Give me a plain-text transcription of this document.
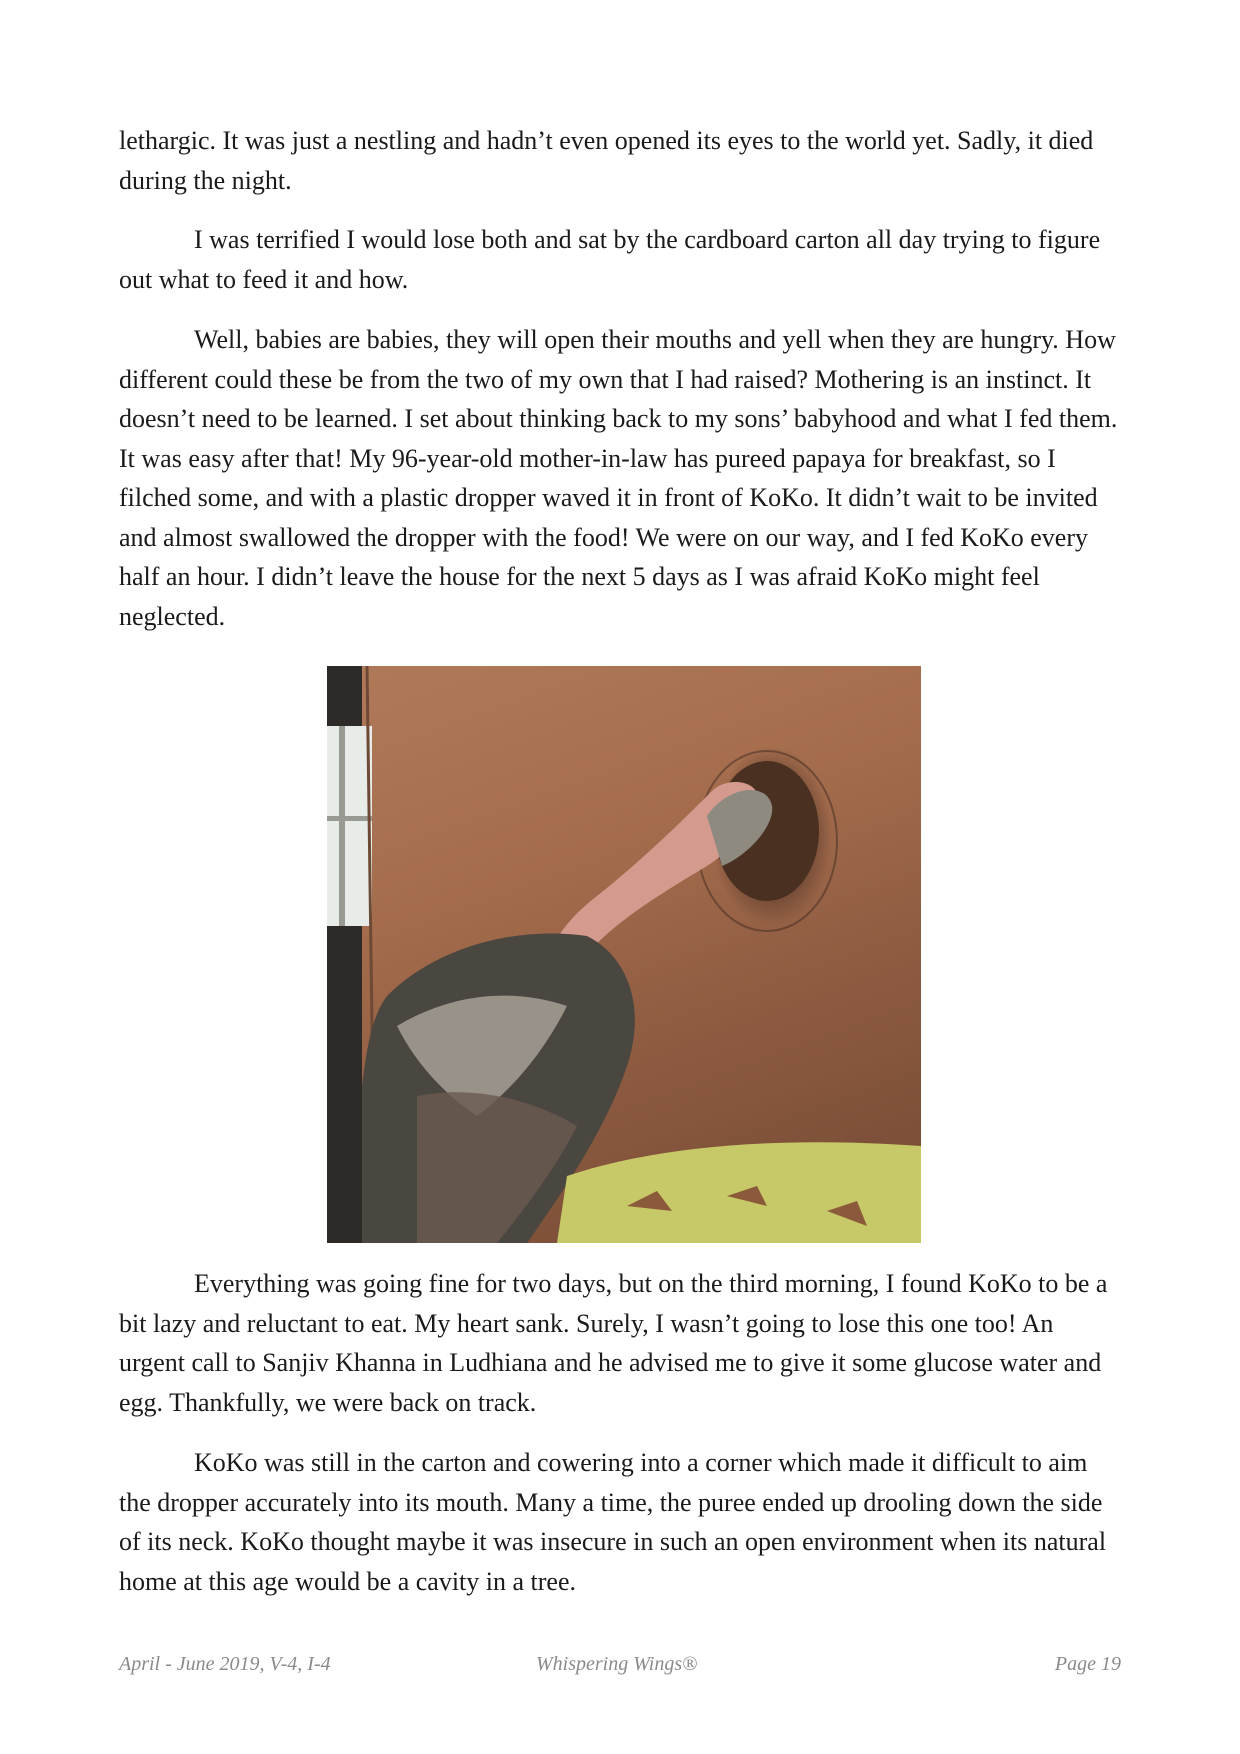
lethargic. It was just a nestling and hadn’t even opened its eyes to the world yet. Sadly, it died during the night.

I was terrified I would lose both and sat by the cardboard carton all day trying to figure out what to feed it and how.

Well, babies are babies, they will open their mouths and yell when they are hungry. How different could these be from the two of my own that I had raised? Mothering is an instinct. It doesn’t need to be learned. I set about thinking back to my sons’ babyhood and what I fed them. It was easy after that! My 96-year-old mother-in-law has pureed papaya for breakfast, so I filched some, and with a plastic dropper waved it in front of KoKo. It didn’t wait to be invited and almost swallowed the dropper with the food! We were on our way, and I fed KoKo every half an hour. I didn’t leave the house for the next 5 days as I was afraid KoKo might feel neglected.

Everything was going fine for two days, but on the third morning, I found KoKo to be a bit lazy and reluctant to eat. My heart sank. Surely, I wasn’t going to lose this one too! An urgent call to Sanjiv Khanna in Ludhiana and he advised me to give it some glucose water and egg. Thankfully, we were back on track.

KoKo was still in the carton and cowering into a corner which made it difficult to aim the dropper accurately into its mouth. Many a time, the puree ended up drooling down the side of its neck. KoKo thought maybe it was insecure in such an open environment when its natural home at this age would be a cavity in a tree.

April - June 2019, V-4, I-4	Whispering Wings®	Page 19
